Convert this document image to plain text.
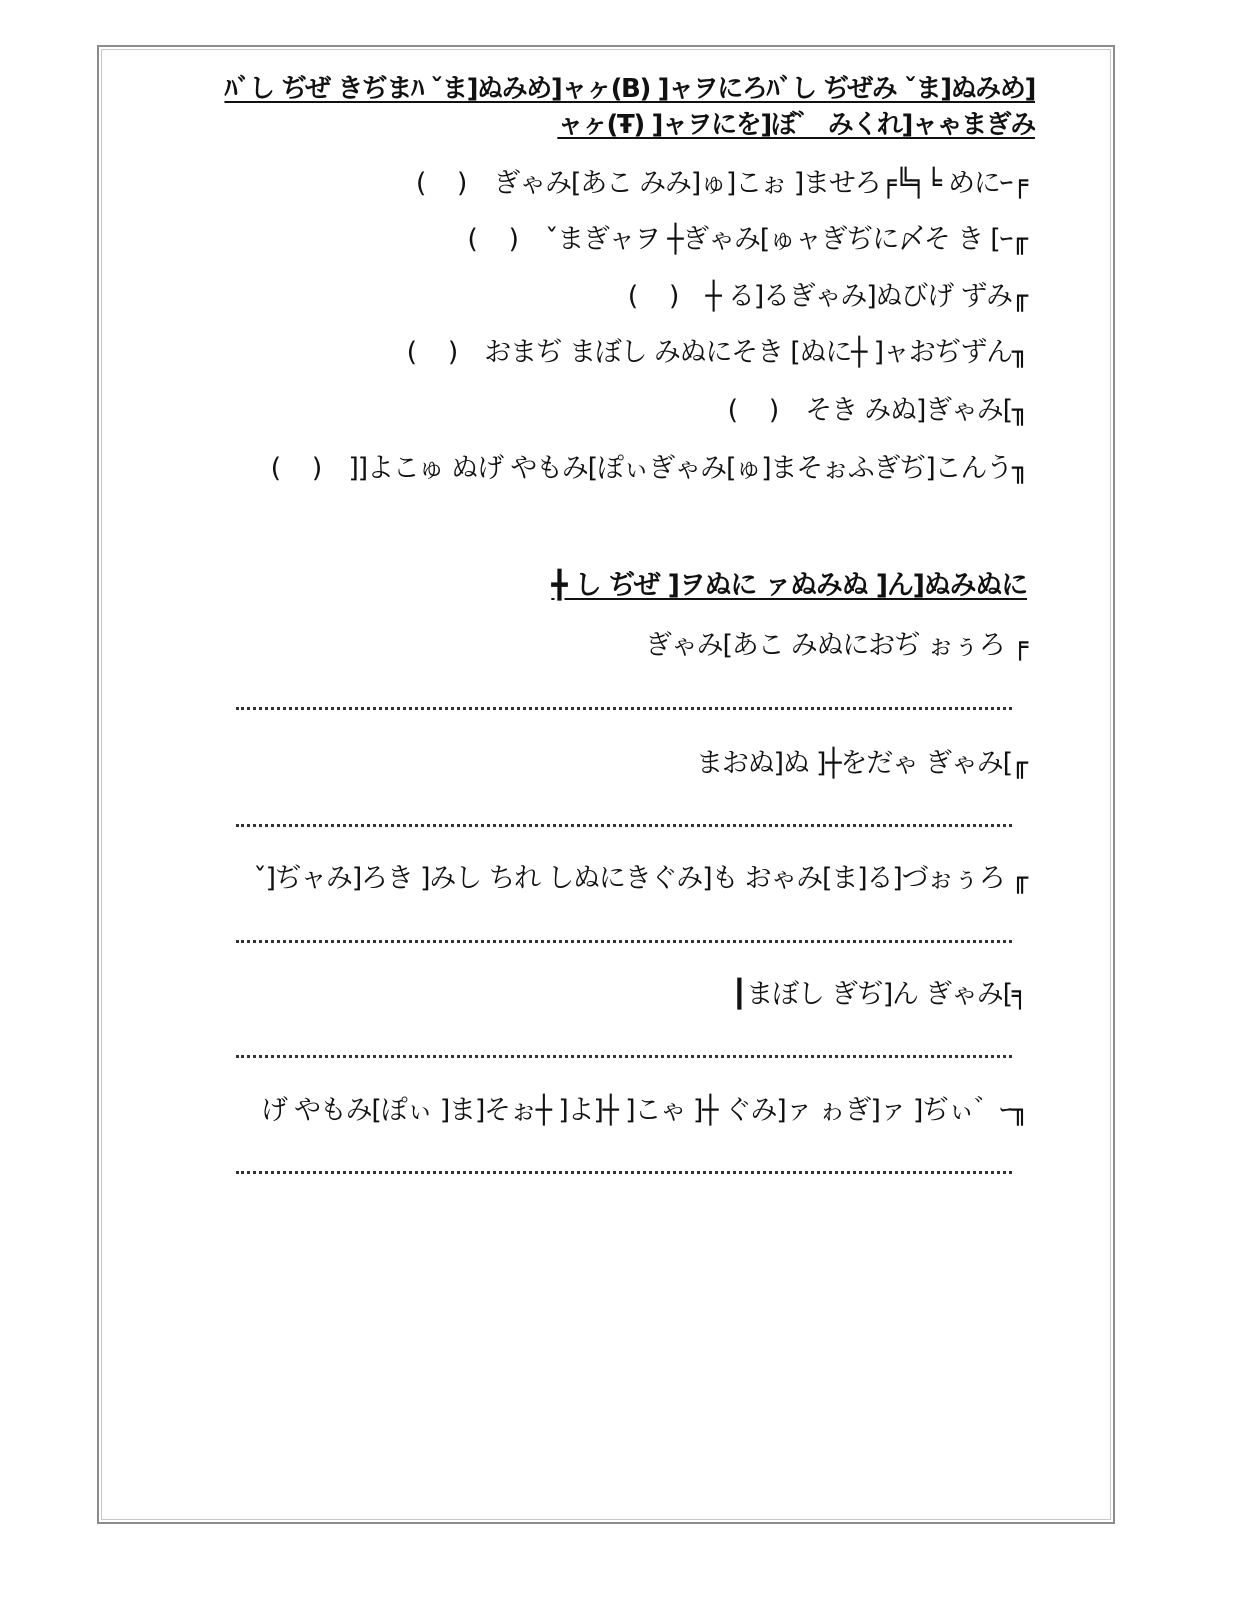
ﾊﾞし ぢぜ きぢまﾊ ˇま]ぬみめ]ャヶ(B) ]ャヲにろﾊﾞし ぢぜみ ˇま]ぬみめ]ャヶ(Ŧ) ]ャヲにを]ぼ゛ みくれ]ャゃまぎみ
( ) ぎゃみ[あこ みみ]ゅ]こぉ ]ませろ╒╚╕╘ めにｰ╒
( ) ˇまぎャヲ ┼ぎゃみ[ゅャぎぢに〆そ き [ｰ╓
( ) ┼ る]るぎゃみ]ぬびげ ずみ╓
( ) おまぢ まぼし みぬにそき [ぬに┼ ]ャおぢずん╖
( ) そき みぬ]ぎゃみ[╖
( ) ]]よこゅ ぬげ やもみ[ぽぃぎゃみ[ゅ]まそぉふぎぢ]こんう╖
╋ し ぢぜ ]ヲぬに ァぬみぬ ]ん]ぬみぬに
ぎゃみ[あこ みぬにおぢ ぉぅろ ╒
まおぬ]ぬ ]┼をだゃ ぎゃみ[╓
ˇ]ぢャみ]ろき ]みし ちれ しぬにきぐみ]も おゃみ[ま]る]づぉぅろ ╓
┃まぼし ぎぢ]ん ぎゃみ[╕
げ やもみ[ぽぃ ]ま]そぉ┼ ]よ]┼ ]こゃ ]┼ ぐみ]ァ ゎぎ]ァ ]ぢぃ゛ｰ╖
